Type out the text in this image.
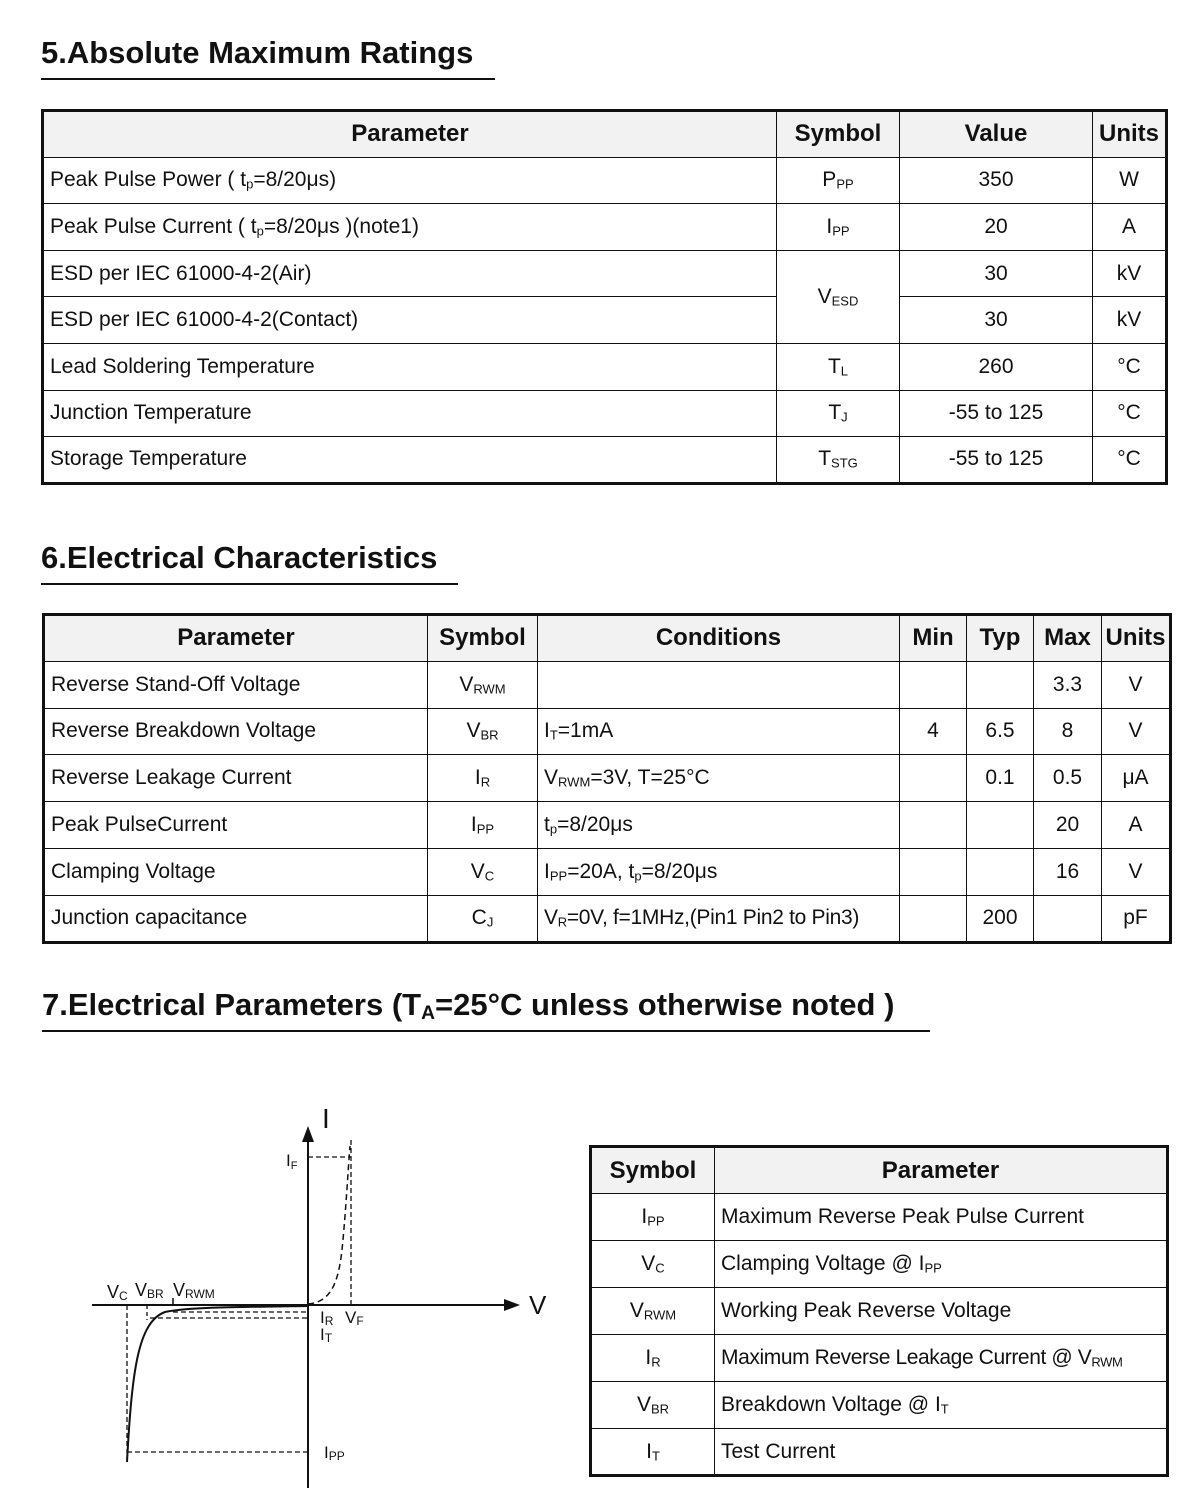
5.Absolute Maximum Ratings
Parameter	Symbol	Value	Units
Peak Pulse Power ( $t_p=8/20\mu s$)	$P_{PP}$	350	W
Peak Pulse Current ( $t_p=8/20\mu s$ )(note1)	$I_{PP}$	20	A
ESD per IEC 61000-4-2(Air)	$V_{ESD}$	30	kV
ESD per IEC 61000-4-2(Contact)		30	kV
Lead Soldering Temperature	$T_L$	260	°C
Junction Temperature	$T_J$	-55 to 125	°C
Storage Temperature	$T_{STG}$	-55 to 125	°C
6.Electrical Characteristics
Parameter	Symbol	Conditions	Min	Typ	Max	Units
Reverse Stand-Off Voltage	$V_{RWM}$				3.3	V
Reverse Breakdown Voltage	$V_{BR}$	$I_T=1mA$	4	6.5	8	V
Reverse Leakage Current	$I_R$	$V_{RWM}=3V$, T=25°C		0.1	0.5	μA
Peak PulseCurrent	$I_{PP}$	$t_p=8/20\mu s$			20	A
Clamping Voltage	$V_C$	$I_{PP}=20A$, $t_p=8/20\mu s$			16	V
Junction capacitance	$C_J$	$V_R=0V$, f=1MHz,(Pin1 Pin2 to Pin3)		200		pF
7.Electrical Parameters ($T_A=25^\circ C$ unless otherwise noted )
I
V
IF
VC VBR VRWM
IR VF
IT
IPP
Symbol	Parameter
$I_{PP}$	Maximum Reverse Peak Pulse Current
$V_C$	Clamping Voltage @ $I_{PP}$
$V_{RWM}$	Working Peak Reverse Voltage
$I_R$	Maximum Reverse Leakage Current @ $V_{RWM}$
$V_{BR}$	Breakdown Voltage @ $I_T$
$I_T$	Test Current
